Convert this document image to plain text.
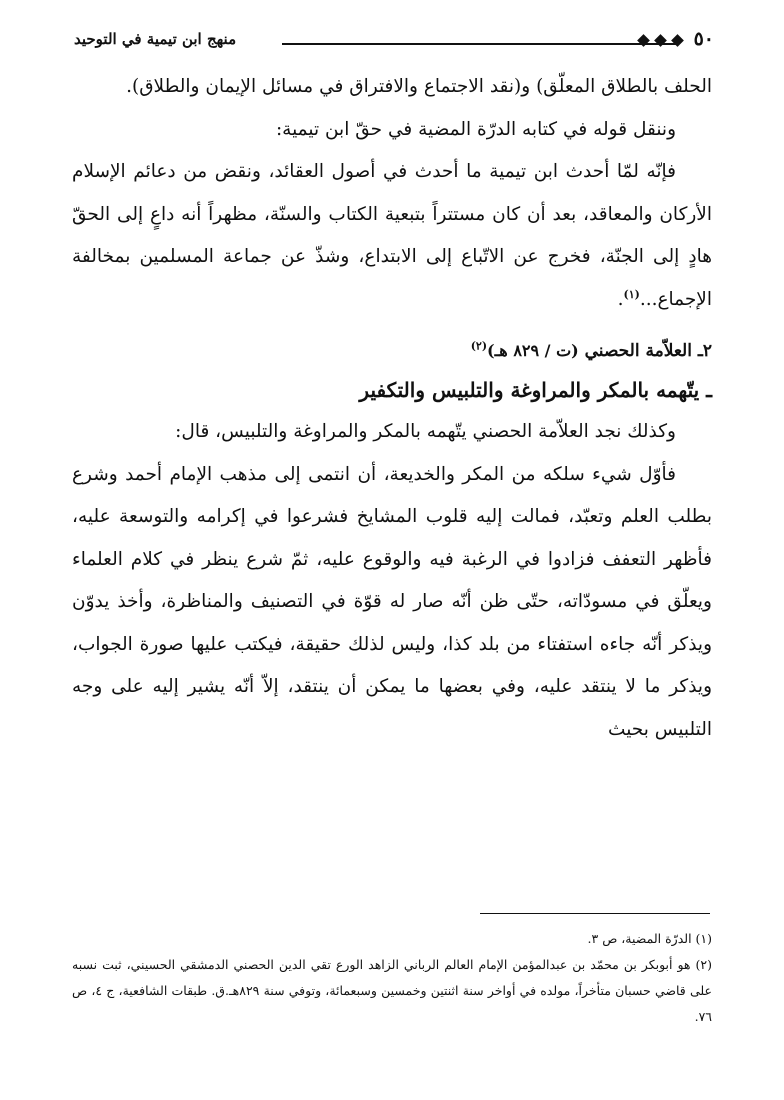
٥٠
منهج ابن تيمية في التوحيد

الحلف بالطلاق المعلّق) و(نقد الاجتماع والافتراق في مسائل الإيمان والطلاق).

وننقل قوله في كتابه الدرّة المضية في حقّ ابن تيمية:

فإنّه لمّا أحدث ابن تيمية ما أحدث في أصول العقائد، ونقض من دعائم الإسلام الأركان والمعاقد، بعد أن كان مستتراً بتبعية الكتاب والسنّة، مظهراً أنه داعٍ إلى الحقّ هادٍ إلى الجنّة، فخرج عن الاتّباع إلى الابتداع، وشذّ عن جماعة المسلمين بمخالفة الإجماع...$^{(١)}$.

٢ـ العلاّمة الحصني (ت / ٨٢٩ هـ)$^{(٢)}$

ـ يتّهمه بالمكر والمراوغة والتلبيس والتكفير

وكذلك نجد العلاّمة الحصني يتّهمه بالمكر والمراوغة والتلبيس، قال:

فأوّل شيء سلكه من المكر والخديعة، أن انتمى إلى مذهب الإمام أحمد وشرع بطلب العلم وتعبّد، فمالت إليه قلوب المشايخ فشرعوا في إكرامه والتوسعة عليه، فأظهر التعفف فزادوا في الرغبة فيه والوقوع عليه، ثمّ شرع ينظر في كلام العلماء ويعلّق في مسودّاته، حتّى ظن أنّه صار له قوّة في التصنيف والمناظرة، وأخذ يدوّن ويذكر أنّه جاءه استفتاء من بلد كذا، وليس لذلك حقيقة، فيكتب عليها صورة الجواب، ويذكر ما لا ينتقد عليه، وفي بعضها ما يمكن أن ينتقد، إلاّ أنّه يشير إليه على وجه التلبيس بحيث

(١) الدرّة المضية، ص ٣.

(٢) هو أبوبكر بن محمّد بن عبدالمؤمن الإمام العالم الرباني الزاهد الورع تقي الدين الحصني الدمشقي الحسيني، ثبت نسبه على قاضي حسبان متأخراً، مولده في أواخر سنة اثنتين وخمسين وسبعمائة، وتوفي سنة ٨٢٩هـ.ق. طبقات الشافعية، ج ٤، ص ٧٦.
